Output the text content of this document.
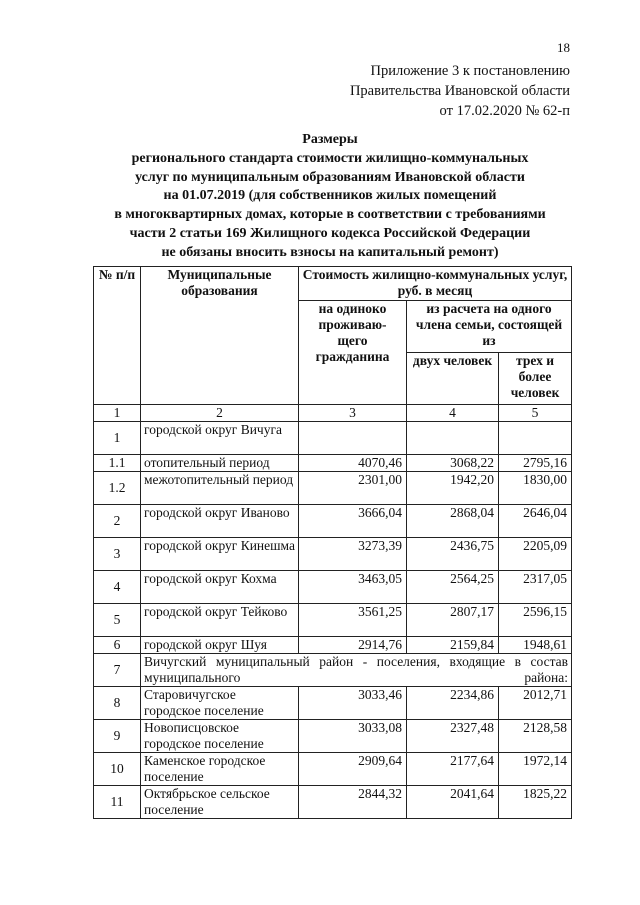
18
Приложение 3 к постановлению
Правительства Ивановской области
от 17.02.2020 № 62-п
Размеры
регионального стандарта стоимости жилищно-коммунальных
услуг по муниципальным образованиям Ивановской области
на 01.07.2019 (для собственников жилых помещений
в многоквартирных домах, которые в соответствии с требованиями
части 2 статьи 169 Жилищного кодекса Российской Федерации
не обязаны вносить взносы на капитальный ремонт)
№ п/п	Муниципальные образования	Стоимость жилищно-коммунальных услуг, руб. в месяц		
		на одиноко проживаю- щего гражданина	из расчета на одного члена семьи, состоящей из	
			двух человек	трех и более человек
1	2	3	4	5
1	городской округ Вичуга			
1.1	отопительный период	4070,46	3068,22	2795,16
1.2	межотопительный период	2301,00	1942,20	1830,00
2	городской округ Иваново	3666,04	2868,04	2646,04
3	городской округ Кинешма	3273,39	2436,75	2205,09
4	городской округ Кохма	3463,05	2564,25	2317,05
5	городской округ Тейково	3561,25	2807,17	2596,15
6	городской округ Шуя	2914,76	2159,84	1948,61
7	Вичугский муниципальный район - поселения, входящие в состав муниципального района:			
8	Старовичугское городское поселение	3033,46	2234,86	2012,71
9	Новописцовское городское поселение	3033,08	2327,48	2128,58
10	Каменское городское поселение	2909,64	2177,64	1972,14
11	Октябрьское сельское поселение	2844,32	2041,64	1825,22
